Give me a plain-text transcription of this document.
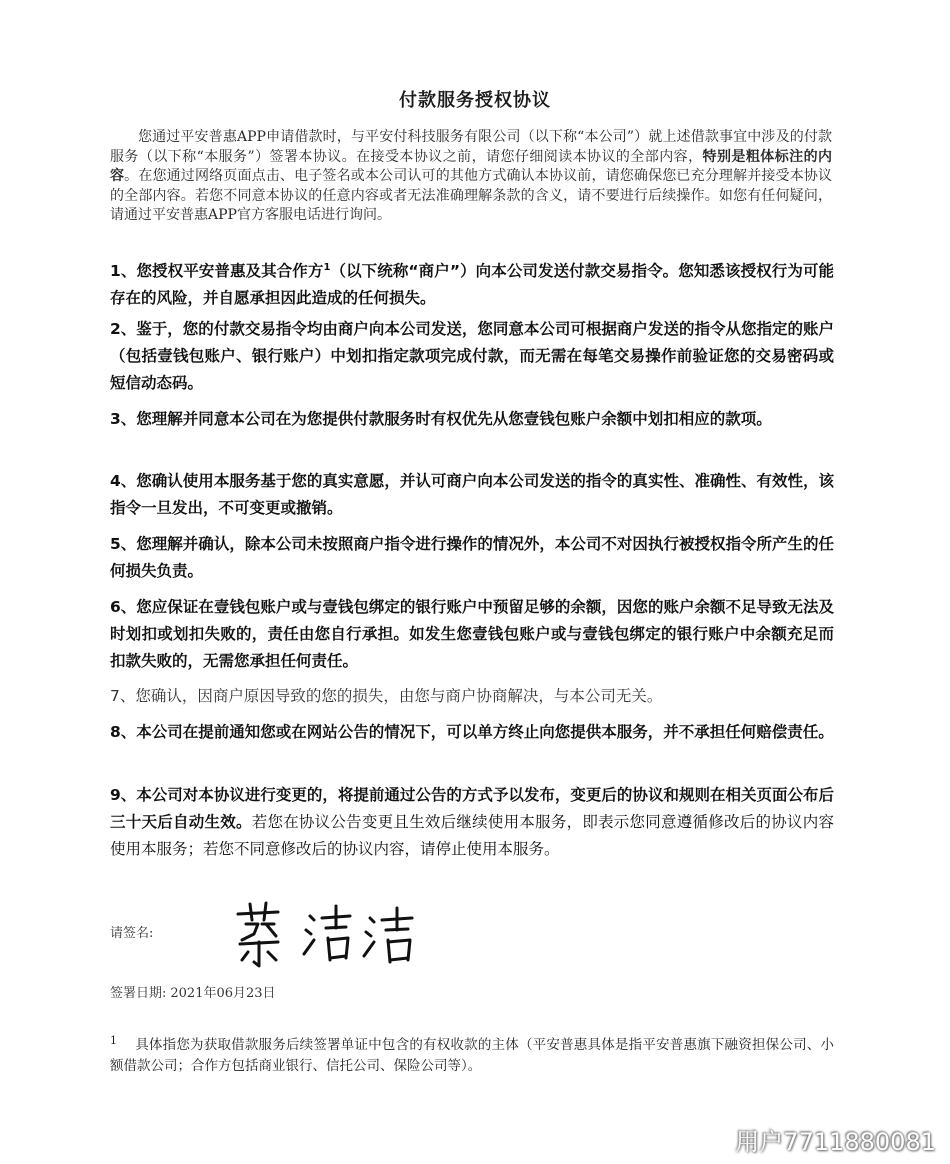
付款服务授权协议

您通过平安普惠APP申请借款时，与平安付科技服务有限公司（以下称“本公司”）就上述借款事宜中涉及的付款服务（以下称“本服务”）签署本协议。在接受本协议之前，请您仔细阅读本协议的全部内容，特别是粗体标注的内容。在您通过网络页面点击、电子签名或本公司认可的其他方式确认本协议前，请您确保您已充分理解并接受本协议的全部内容。若您不同意本协议的任意内容或者无法准确理解条款的含义，请不要进行后续操作。如您有任何疑问，请通过平安普惠APP官方客服电话进行询问。

1、您授权平安普惠及其合作方$^1$（以下统称“商户”）向本公司发送付款交易指令。您知悉该授权行为可能存在的风险，并自愿承担因此造成的任何损失。

2、鉴于，您的付款交易指令均由商户向本公司发送，您同意本公司可根据商户发送的指令从您指定的账户（包括壹钱包账户、银行账户）中划扣指定款项完成付款，而无需在每笔交易操作前验证您的交易密码或短信动态码。

3、您理解并同意本公司在为您提供付款服务时有权优先从您壹钱包账户余额中划扣相应的款项。

4、您确认使用本服务基于您的真实意愿，并认可商户向本公司发送的指令的真实性、准确性、有效性，该指令一旦发出，不可变更或撤销。

5、您理解并确认，除本公司未按照商户指令进行操作的情况外，本公司不对因执行被授权指令所产生的任何损失负责。

6、您应保证在壹钱包账户或与壹钱包绑定的银行账户中预留足够的余额，因您的账户余额不足导致无法及时划扣或划扣失败的，责任由您自行承担。如发生您壹钱包账户或与壹钱包绑定的银行账户中余额充足而扣款失败的，无需您承担任何责任。

7、您确认，因商户原因导致的您的损失，由您与商户协商解决，与本公司无关。

8、本公司在提前通知您或在网站公告的情况下，可以单方终止向您提供本服务，并不承担任何赔偿责任。

9、本公司对本协议进行变更的，将提前通过公告的方式予以发布，变更后的协议和规则在相关页面公布后三十天后自动生效。若您在协议公告变更且生效后继续使用本服务，即表示您同意遵循修改后的协议内容使用本服务；若您不同意修改后的协议内容，请停止使用本服务。

请签名:
签署日期: 2021年06月23日

$^1$ 具体指您为获取借款服务后续签署单证中包含的有权收款的主体（平安普惠具体是指平安普惠旗下融资担保公司、小额借款公司；合作方包括商业银行、信托公司、保险公司等）。

用户7711880081
